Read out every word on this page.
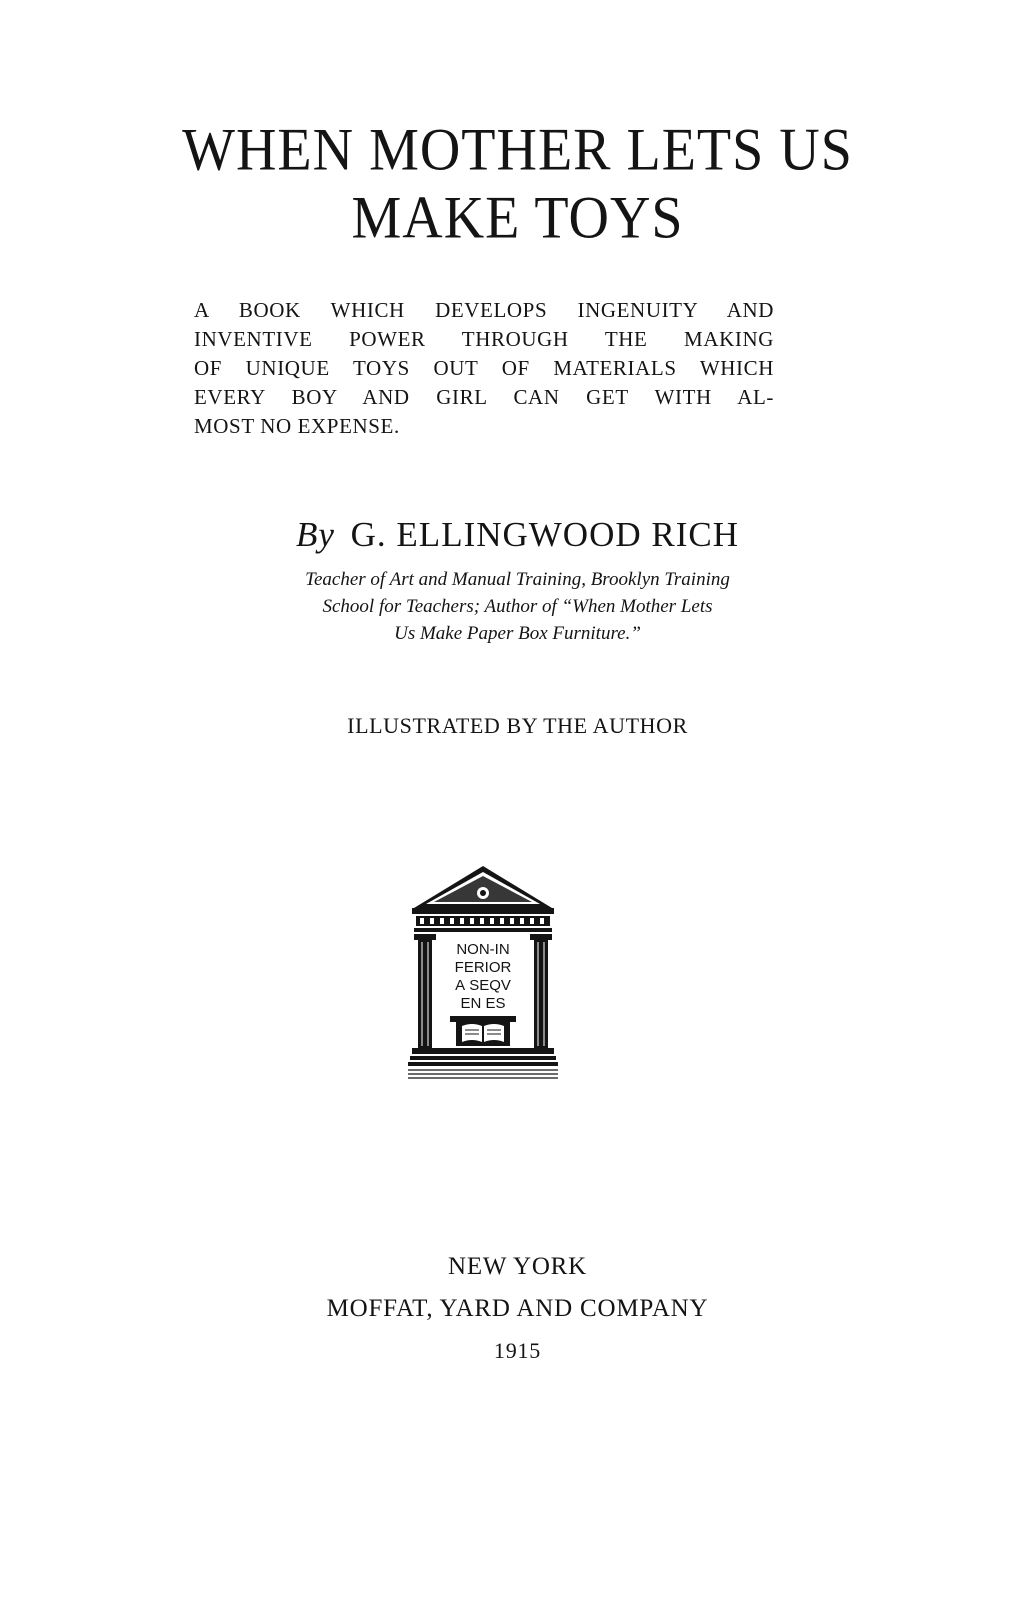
WHEN MOTHER LETS US
MAKE TOYS
A BOOK WHICH DEVELOPS INGENUITY AND
INVENTIVE POWER THROUGH THE MAKING
OF UNIQUE TOYS OUT OF MATERIALS WHICH
EVERY BOY AND GIRL CAN GET WITH AL-
MOST NO EXPENSE.
By G. ELLINGWOOD RICH
Teacher of Art and Manual Training, Brooklyn Training
School for Teachers; Author of “When Mother Lets
Us Make Paper Box Furniture.”
ILLUSTRATED BY THE AUTHOR
NON-IN
FERIOR
A SEQV
EN ES
NEW YORK
MOFFAT, YARD AND COMPANY
1915
